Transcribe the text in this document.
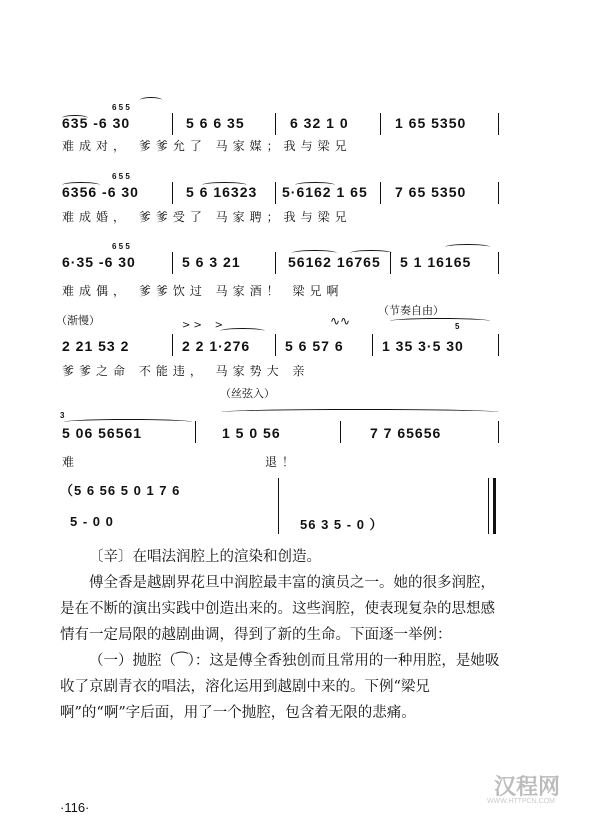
6 5 5
635 -6 30	5 6 6 35	6 32 1 0	1 65 5350
难成对， 爹爹允了 马家媒；我与梁兄
6 5 5
6356 -6 30	5 6 16323 5·6162 1 65 7 65 5350
难成婚， 爹爹受了 马家聘；我与梁兄
6 5 5
6·35 -6 30	5 6 3 21	56162 16765 5 1 16165
难成偶， 爹爹饮过 马家酒！ 梁兄啊
（渐慢）
（节奏自由）
> >    >	∿∿	5
2 21 53 2	2 2 1·276 5 6 57 6	1 35 3·5 30
爹爹之命 不能违， 马家势大 亲
（丝弦入）
3
5 06 56561	1 5 0 56	7 7 65656
难	退！
（5 6 56 5 0 1 7 6
5 - 0 0	56 3 5 - 0 ）

〔辛〕在唱法润腔上的渲染和创造。

傅全香是越剧界花旦中润腔最丰富的演员之一。她的很多润腔，是在不断的演出实践中创造出来的。这些润腔，使表现复杂的思想感情有一定局限的越剧曲调，得到了新的生命。下面逐一举例：

（一）抛腔（⁀）：这是傅全香独创而且常用的一种用腔，是她吸收了京剧青衣的唱法，溶化运用到越剧中来的。下例“梁兄啊”的“啊”字后面，用了一个抛腔，包含着无限的悲痛。

·116·
汉程网
WWW.HTTPCN.COM
